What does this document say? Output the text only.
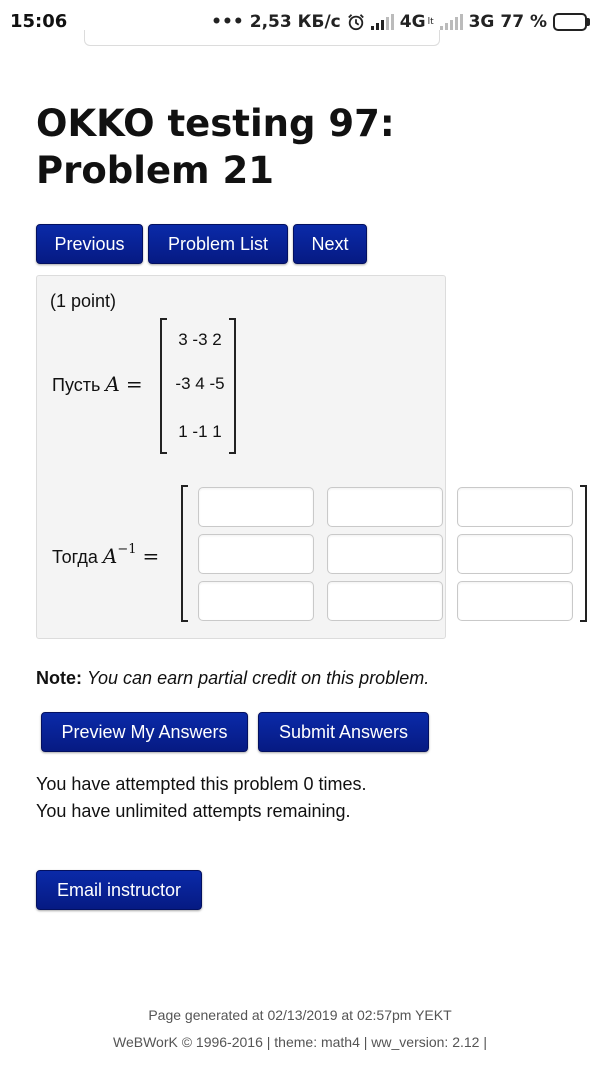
15:06	••• 2,53 КБ/с	4G lt 3G 77 %
OKKO testing 97:
Problem 21
Previous	Problem List	Next
(1 point)
Пусть A =
3 -3 2
-3 4 -5
1 -1 1
Тогда $A^{-1}$ =
Note: You can earn partial credit on this problem.
Preview My Answers	Submit Answers
You have attempted this problem 0 times.
You have unlimited attempts remaining.
Email instructor
Page generated at 02/13/2019 at 02:57pm YEKT
WeBWorK © 1996-2016 | theme: math4 | ww_version: 2.12 |
